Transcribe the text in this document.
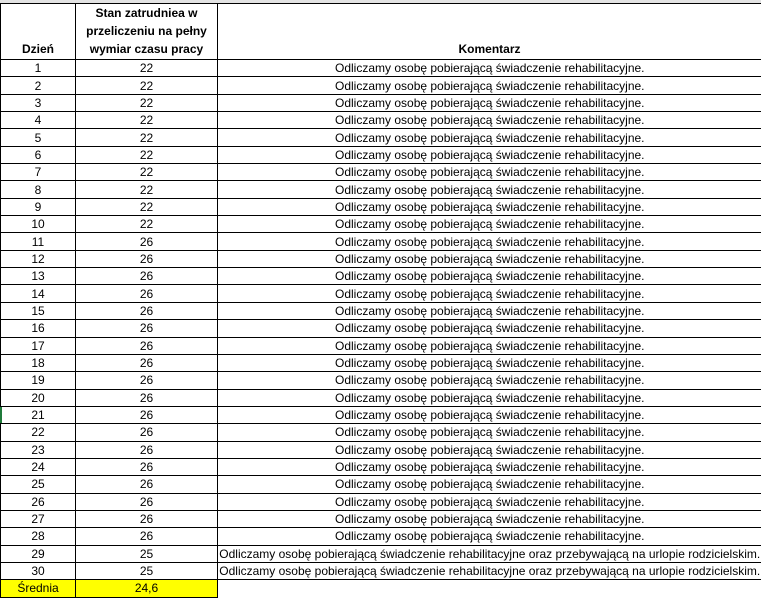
Dzień	Stan zatrudniea w przeliczeniu na pełny wymiar czasu pracy	Komentarz
1	22	Odliczamy osobę pobierającą świadczenie rehabilitacyjne.
2	22	Odliczamy osobę pobierającą świadczenie rehabilitacyjne.
3	22	Odliczamy osobę pobierającą świadczenie rehabilitacyjne.
4	22	Odliczamy osobę pobierającą świadczenie rehabilitacyjne.
5	22	Odliczamy osobę pobierającą świadczenie rehabilitacyjne.
6	22	Odliczamy osobę pobierającą świadczenie rehabilitacyjne.
7	22	Odliczamy osobę pobierającą świadczenie rehabilitacyjne.
8	22	Odliczamy osobę pobierającą świadczenie rehabilitacyjne.
9	22	Odliczamy osobę pobierającą świadczenie rehabilitacyjne.
10	22	Odliczamy osobę pobierającą świadczenie rehabilitacyjne.
11	26	Odliczamy osobę pobierającą świadczenie rehabilitacyjne.
12	26	Odliczamy osobę pobierającą świadczenie rehabilitacyjne.
13	26	Odliczamy osobę pobierającą świadczenie rehabilitacyjne.
14	26	Odliczamy osobę pobierającą świadczenie rehabilitacyjne.
15	26	Odliczamy osobę pobierającą świadczenie rehabilitacyjne.
16	26	Odliczamy osobę pobierającą świadczenie rehabilitacyjne.
17	26	Odliczamy osobę pobierającą świadczenie rehabilitacyjne.
18	26	Odliczamy osobę pobierającą świadczenie rehabilitacyjne.
19	26	Odliczamy osobę pobierającą świadczenie rehabilitacyjne.
20	26	Odliczamy osobę pobierającą świadczenie rehabilitacyjne.
21	26	Odliczamy osobę pobierającą świadczenie rehabilitacyjne.
22	26	Odliczamy osobę pobierającą świadczenie rehabilitacyjne.
23	26	Odliczamy osobę pobierającą świadczenie rehabilitacyjne.
24	26	Odliczamy osobę pobierającą świadczenie rehabilitacyjne.
25	26	Odliczamy osobę pobierającą świadczenie rehabilitacyjne.
26	26	Odliczamy osobę pobierającą świadczenie rehabilitacyjne.
27	26	Odliczamy osobę pobierającą świadczenie rehabilitacyjne.
28	26	Odliczamy osobę pobierającą świadczenie rehabilitacyjne.
29	25	Odliczamy osobę pobierającą świadczenie rehabilitacyjne oraz przebywającą na urlopie rodzicielskim.
30	25	Odliczamy osobę pobierającą świadczenie rehabilitacyjne oraz przebywającą na urlopie rodzicielskim.
Średnia	24,6	
